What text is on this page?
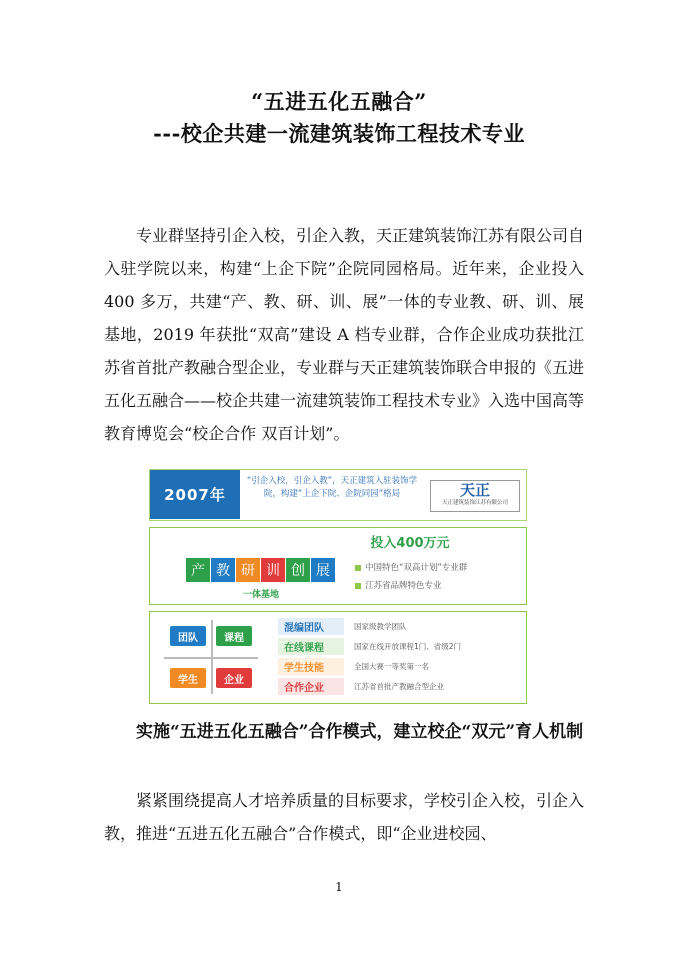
“五进五化五融合”
---校企共建一流建筑装饰工程技术专业

专业群坚持引企入校，引企入教，天正建筑装饰江苏有限公司自入驻学院以来，构建“上企下院”企院同园格局。近年来，企业投入 400 多万，共建“产、教、研、训、展”一体的专业教、研、训、展基地，2019 年获批“双高”建设 A 档专业群，合作企业成功获批江苏省首批产教融合型企业，专业群与天正建筑装饰联合申报的《五进五化五融合——校企共建一流建筑装饰工程技术专业》入选中国高等教育博览会“校企合作 双百计划”。

2007年
“引企入校，引企入教”，天正建筑入驻装饰学院，构建“上企下院、企院同园”格局	天正
天正建筑装饰江苏有限公司
投入400万元
产 教 研 训 创 展
一体基地
中国特色“双高计划”专业群
江苏省品牌特色专业
团队	课程
学生	企业
混编团队	国家级教学团队
在线课程	国家在线开放课程1门、省级2门
学生技能	全国大赛一等奖第一名
合作企业	江苏省首批产教融合型企业
实施“五进五化五融合”合作模式，建立校企“双元”育人机制

紧紧围绕提高人才培养质量的目标要求，学校引企入校，引企入教，推进“五进五化五融合”合作模式，即“企业进校园、

1
